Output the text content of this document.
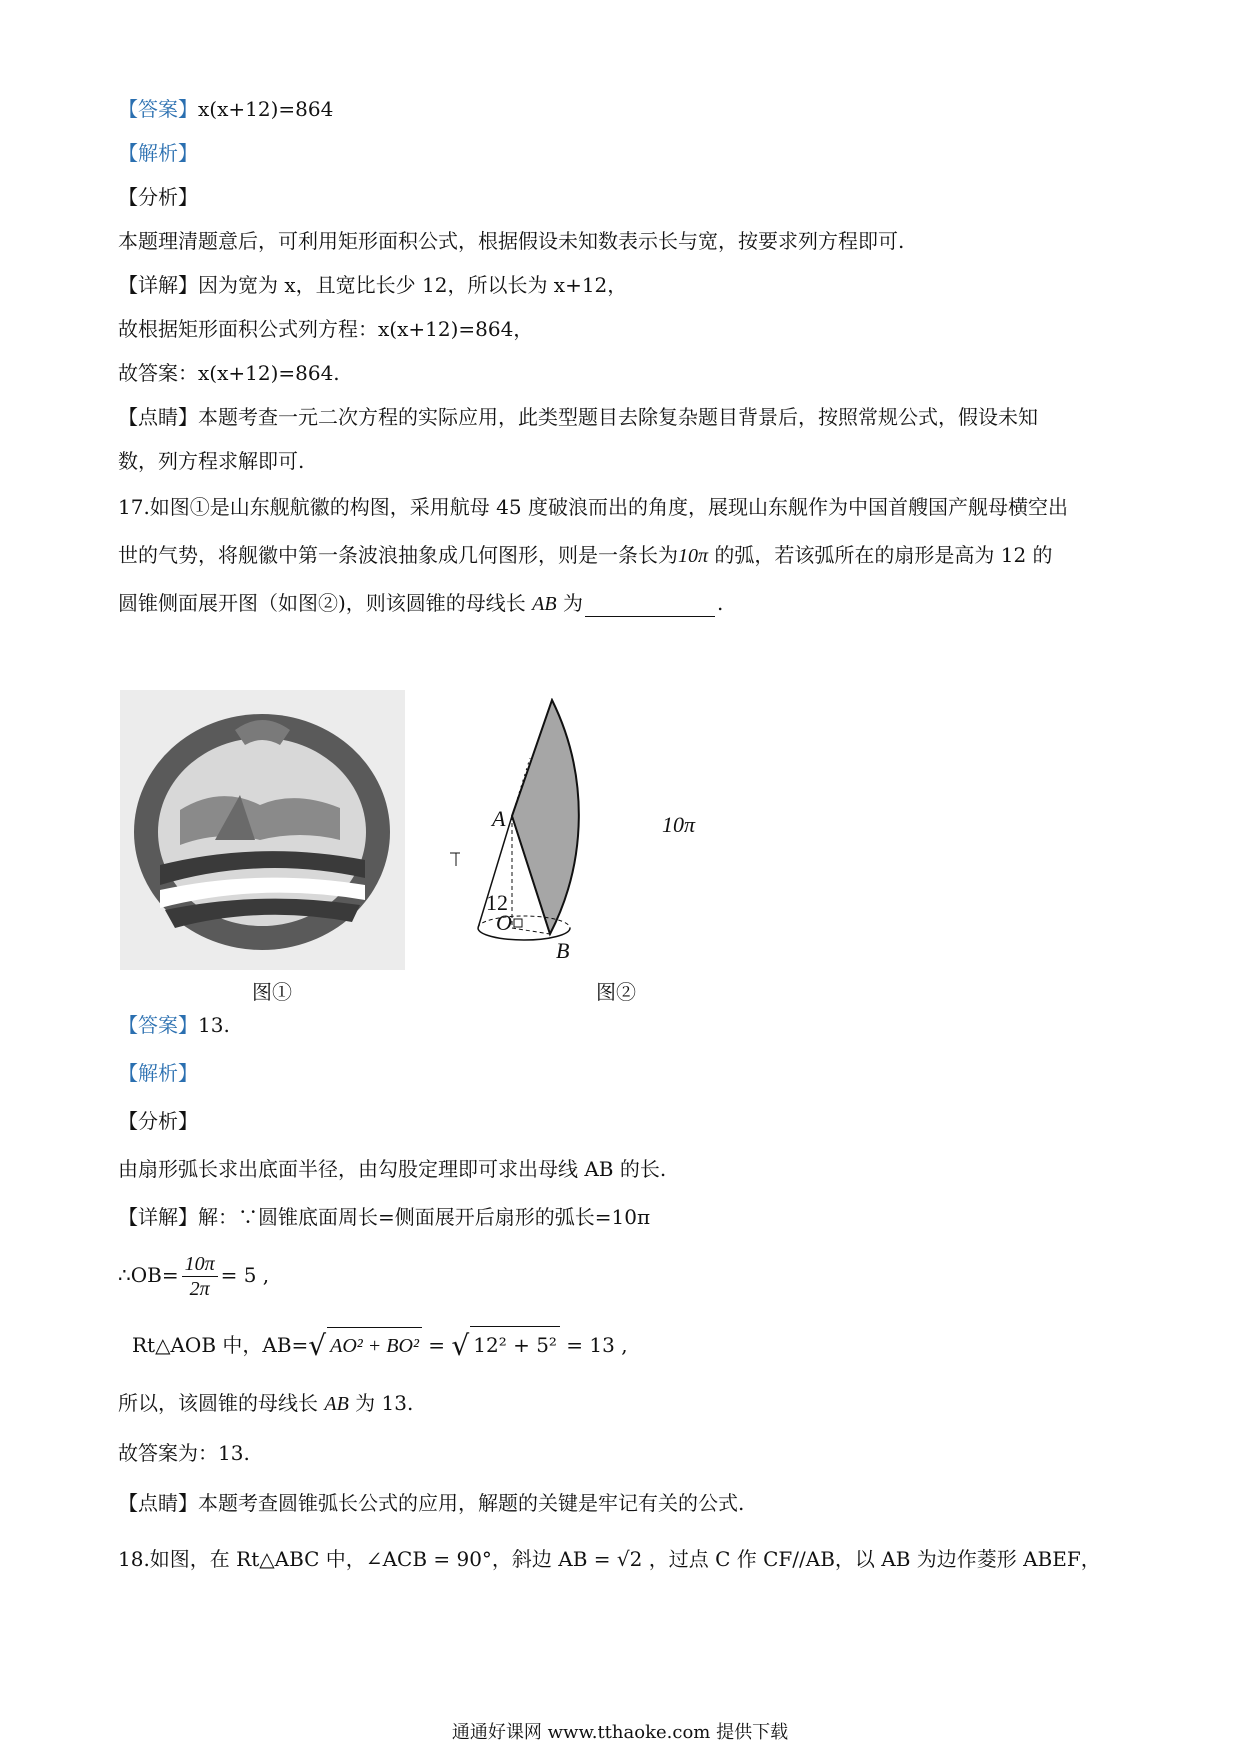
【答案】x(x+12)=864
【解析】
【分析】
本题理清题意后，可利用矩形面积公式，根据假设未知数表示长与宽，按要求列方程即可.
【详解】因为宽为 x，且宽比长少 12，所以长为 x+12，
故根据矩形面积公式列方程：x(x+12)=864，
故答案：x(x+12)=864.
【点睛】本题考查一元二次方程的实际应用，此类型题目去除复杂题目背景后，按照常规公式，假设未知
数，列方程求解即可.
17.如图①是山东舰航徽的构图，采用航母 45 度破浪而出的角度，展现山东舰作为中国首艘国产舰母横空出
世的气势，将舰徽中第一条波浪抽象成几何图形，则是一条长为10π 的弧，若该弧所在的扇形是高为 12 的
圆锥侧面展开图（如图②)，则该圆锥的母线长 AB 为	.
图①
A
O
B
12
10π
图②
【答案】13.
【解析】
【分析】
由扇形弧长求出底面半径，由勾股定理即可求出母线 AB 的长.
【详解】解：∵圆锥底面周长=侧面展开后扇形的弧长=10π
∴OB= $\frac{10\pi}{2\pi} = 5$ ,
Rt△AOB 中，AB=√ AO² + BO² = √ 12² + 5² = 13 ,
所以，该圆锥的母线长 AB 为 13.
故答案为：13.
【点睛】本题考查圆锥弧长公式的应用，解题的关键是牢记有关的公式.
18.如图，在 Rt△ABC 中，∠ACB = 90°，斜边 AB = √2 ，过点 C 作 CF//AB，以 AB 为边作菱形 ABEF，
通通好课网 www.tthaoke.com 提供下载
